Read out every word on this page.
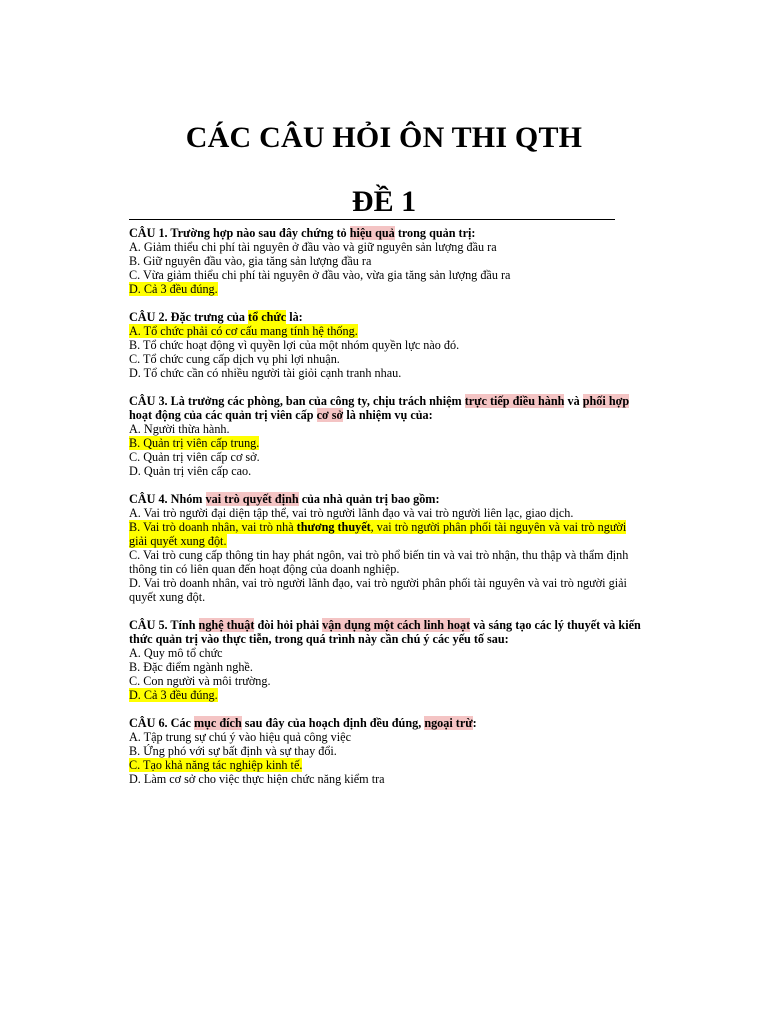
CÁC CÂU HỎI ÔN THI QTH
ĐỀ 1
CÂU 1. Trường hợp nào sau đây chứng tỏ hiệu quả trong quản trị:
A. Giảm thiểu chi phí tài nguyên ở đầu vào và giữ nguyên sản lượng đầu ra
B. Giữ nguyên đầu vào, gia tăng sản lượng đầu ra
C. Vừa giảm thiểu chi phí tài nguyên ở đầu vào, vừa gia tăng sản lượng đầu ra
D. Cả 3 đều đúng.
CÂU 2. Đặc trưng của tổ chức là:
A. Tổ chức phải có cơ cấu mang tính hệ thống.
B. Tổ chức hoạt động vì quyền lợi của một nhóm quyền lực nào đó.
C. Tổ chức cung cấp dịch vụ phi lợi nhuận.
D. Tổ chức cần có nhiều người tài giỏi cạnh tranh nhau.
CÂU 3. Là trưởng các phòng, ban của công ty, chịu trách nhiệm trực tiếp điều hành và phối hợp hoạt động của các quản trị viên cấp cơ sở là nhiệm vụ của:
A. Người thừa hành.
B. Quản trị viên cấp trung.
C. Quản trị viên cấp cơ sở.
D. Quản trị viên cấp cao.
CÂU 4. Nhóm vai trò quyết định của nhà quản trị bao gồm:
A. Vai trò người đại diện tập thể, vai trò người lãnh đạo và vai trò người liên lạc, giao dịch.
B. Vai trò doanh nhân, vai trò nhà thương thuyết, vai trò người phân phối tài nguyên và vai trò người giải quyết xung đột.
C. Vai trò cung cấp thông tin hay phát ngôn, vai trò phổ biến tin và vai trò nhận, thu thập và thẩm định thông tin có liên quan đến hoạt động của doanh nghiệp.
D. Vai trò doanh nhân, vai trò người lãnh đạo, vai trò người phân phối tài nguyên và vai trò người giải quyết xung đột.
CÂU 5. Tính nghệ thuật đòi hỏi phải vận dụng một cách linh hoạt và sáng tạo các lý thuyết và kiến thức quản trị vào thực tiễn, trong quá trình này cần chú ý các yếu tố sau:
A. Quy mô tổ chức
B. Đặc điểm ngành nghề.
C. Con người và môi trường.
D. Cả 3 đều đúng.
CÂU 6. Các mục đích sau đây của hoạch định đều đúng, ngoại trừ:
A. Tập trung sự chú ý vào hiệu quả công việc
B. Ứng phó với sự bất định và sự thay đổi.
C. Tạo khả năng tác nghiệp kinh tế.
D. Làm cơ sở cho việc thực hiện chức năng kiểm tra
